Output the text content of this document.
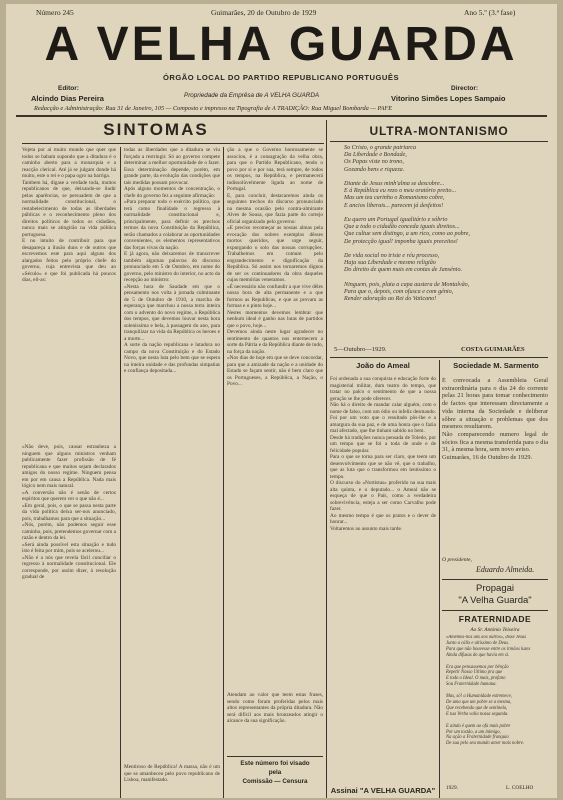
Número 245	Guimarães, 20 de Outubro de 1929	Ano 5.º (3.ª fase)
A VELHA GUARDA
ÓRGÃO LOCAL DO PARTIDO REPUBLICANO PORTUGUÊS
Editor:
Alcindo Dias Pereira	Propriedade da Emprêsa de A VELHA GUARDA
Director:
Vitorino Simões Lopes Sampaio
Redacção e Administração: Rua 31 de Janeiro, 105 — Composto e impresso na Tipografia de A TRADIÇÃO: Rua Miguel Bombarda — PAFE
SINTOMAS
Vejeta por ai muito mundo que quer que todos se babam supondo que a ditadura é o caminho aberto para a monarquia e a reacção clerical. Até já se julgam donde há muito, este o rei e o papa ogro na barriga.
Tambem há, digase a verdade toda, muitos republicanos de que, deixando-se iludir pelas aparências, se persuadem de que a normalidade constitucional, o restabelecimento de todas as liberdades públicas e o reconhecimento pleno dos direitos políticos de todos os cidadãos, nunca mais se atingirão na vida pública portuguesa.
E no intuito de contribuir para que desapareça a ilusão duns e de outros que escrevemos este para aqui alguns dos alargados feitos pelo próprio chefe do governo, cuja entrevista que deu ao «Século» e que foi publicada há poucos dias, eil-as:
«Não deve, pois, causar estranheza a ninguem que alguns ministros venham publicamente fazer profissão de fé republicana e que muitos sejam declarados amigos do nosso regime. Ninguem pensa em por em causa a República. Nada mais lógico nem mais natural.
«A conversão não é senão de certos espíritos que querem ver o que não é...
«Em geral, pois, o que se passa nesta parte da vida política deixa ser-nos anunciado, pois, trabalhamos para que a situação...
«Nós, porém, não podemos seguir esse caminho, pois, pretendemos governar com a razão e dentro da lei.
«Será ainda possível esta situação e tudo isto é feita por mim, pois se acelerou...
«Não é a nós que revela fácil conciliar o regresso à normalidade constitucional. Ele corresponde, por assim dizer, à resolução gradual de
todas as liberdades que a ditadura se viu forçada a restringir. Só ao governo compete determinar a melhor oportunidade de o fazer. Essa determinação depende, porém, em grande parte, da evolução das condições que tais medidas possam provocar.
Após alguns momentos de concentração, o chefe do governo fez a seguinte afirmação:
«Para preparar todo o exército político, que terá como finalidade o regresso à normalidade constitucional e, principalmente, para definir os precisos termos da nova Constituição da República, serão chamados a colaborar as oportunidades convenientes, os elementos representativos das forças vivas da nação.
E já agora, não deixaremos de transcrever também algumas palavras do discurso pronunciado em 5 de Outubro, em nome do governo, pelo ministro do interior, no acto da recepção ao ministro:
«Nesta hora de Saudade em que o pensamento nos volta à jornada culminante de 5 de Outubro de 1910, a marcha de esperança que marchou a nossa terra inteira com o advento do novo regime, a República dos tempos, que devemos louvar nesta hora solenissima e bela, à passagem do ano, para tranquilizar na vida da República os heroes e a morte...
A sorte da nação republicana e lutadora no campo da nova Constituição e do Estado Novo, que nesta luta pelo bem que se espera na inteira unidade e das profundas simpatias e confiança depositada...
ção a que o Governo honrosamente se associou, é a consagração da velha obra, para que o Partido Republicano, tendo o povo por si e por sua, terá sempre, de todos os tempos, na República, e permanecerá indissolùvelmente ligada ao nome de Portugal.
E, para concluir, destacaremos ainda os seguintes trechos do discurso pronunciado na mesma ocasião pelo contra-almirante Alves de Sousa, que fazia parte do cortejo oficial organizado pelo governo:
«E preciso recomeçar as nossas almas pela evocação dos nobres exemplos dêsses mortos queridos, que urge seguir, expurgando o solo das nossas corrupções. Trabalhemos em comum pelo engrandecimento e dignificação da República. Só assim nos tornaremos dignos de ser os continuadores da obra daqueles cujas memórias veneramos.
«É necessário não confundir a que vive dêles nossa hora de alta permanente e a que formou as Republicas, e que as provam as formas e o pinto hoje...
Nestes momentos devemos lembrar que nenhum ideal é ganho nas lutas de partidos que o povo, hoje...
Devemos ainda neste lugar agradecer no sentimento de quantos nos enternecem a sorte da Pátria e da República diante de tudo, na força da nação.
«Nos dias de hoje em que se deve concordar, para que a amizade da nação e a unidade do Estado se façam sentir, não é bem claro que os Portugueses, a República, a Nação, o Povo...
Atendam ao valor que teem estas frases, sendo como foram proferidas pelos mais altos representantes da própria ditadura. Não será difícil aos mais bronzeados atingir o alcance da sua significação.
Este número foi visado
pela
Comissão — Censura
Mentiroso de República! A massa, não é um que se amanheceu pelo povo republicano de Lisboa, manifestado.
ULTRA-MONTANISMO
So Cristo, o grande patriarca
Da Liberdade e Bondade,
Os Papas viste no trono,
Gozando bens e riqueza.

Diante de Jesus minh'alma se descobre...
E á República eu rezo o meu oratório preito...
Mas um teu carinho o Romanismo cobre,
E ancios liberais... parecem já desfeitos!

Eu quero um Portugal igualitário e sóbrio
Que a todo o cidadão conceda iguais direitos...
Que cultue sem distingo, a um rico, como ao pobre,
De protecção igual! imponha iguais preceitos!

De vida social no triste e réu processo,
Haja sua Liberdade e mesmo religião
Do direito de quem mais em contas de Jansénio.

Ninguem, pois, plata a capa austera de Montalvão,
Para que o, depois, com ofusca e com génio,
Render adoração ao Rei do Vaticano!
5—Outubro—1929.	COSTA GUIMARÃES
João do Ameal
Foi ordenada a sua conquista e educação forte do magisterial militar, dum teatro do tempo, que tratar no palco o sentimento de que a nossa geração se lhe pode oferecer.
Não há o direito de mandar calar alguém, com o nome de falso, com um ódio ou infeliz desmando. Foi por um voto que o resultado pôs-lhe e a amargura da sua paz, e de uma honra que o fazia mal afectado, que lhe tinham sabido no bem.
Desde há tradições nunca pensada de Toledo, por um tempo que se foi a toda de onde e de felicidade popular.
Para o que se torna para ser claro, que teem um desenvolvimento que se não vê, que o trabalho, que as luta que o transformou em lentíssimo o tempo.
O discurso do «Nortistas» proferido na sua mais alta quinta, e o deputado... o Ameal não se esqueça de que o País, como a verdadeira sobrevivência, esteja a ser como Carvalho pode fazer.
Ao mesmo tempo é que os pratos e o dever de honrar...
Voltaremos ao assunto mais tarde.
Sociedade M. Sarmento
É convocada a Assembleia Geral extraordinária para o dia 24 do corrente pelas 21 horas para tomar conhecimento de factos que interessam directamente a vida interna da Sociedade e deliberar sôbre a situação e problemas que dos mesmos resultarem.
Não comparecendo numero legal de sócios fica a mesma transferida para o dia 31, à mesma hora, sem novo aviso.
Guimarães, 16 de Outubro de 1929.
O presidente,
Eduardo Almeida.
Propagai
"A Velha Guarda"
FRATERNIDADE
Ao Sr. António Teixeira
«Amémos-nos uns aos outros», disse Jesus
Junto a cálix e altíssimo de Deus.
Para que não houvesse entre os irmãos luzes
Ainda difusas do que havia em si.

Era que pensassemos por bênção
Repetir Nosso Ultimo pra que
E todo o Ideal. O mais, profano
Sou Fraternidade humana.

Mas, só! a Humanidade estremece,
De uma que um pobre se a mesma,
Que recebendo que de sentinela,
E tua Verba valia nossa segunda.

E ainda é quem ao ofa mais pobre
Por um tostão, a um inimigo,
Na ação a Fraternidade franquia
De sua pelo seu mundo amor mais nobre.
1929.	L. COELHO
Assinai "A VELHA GUARDA"
